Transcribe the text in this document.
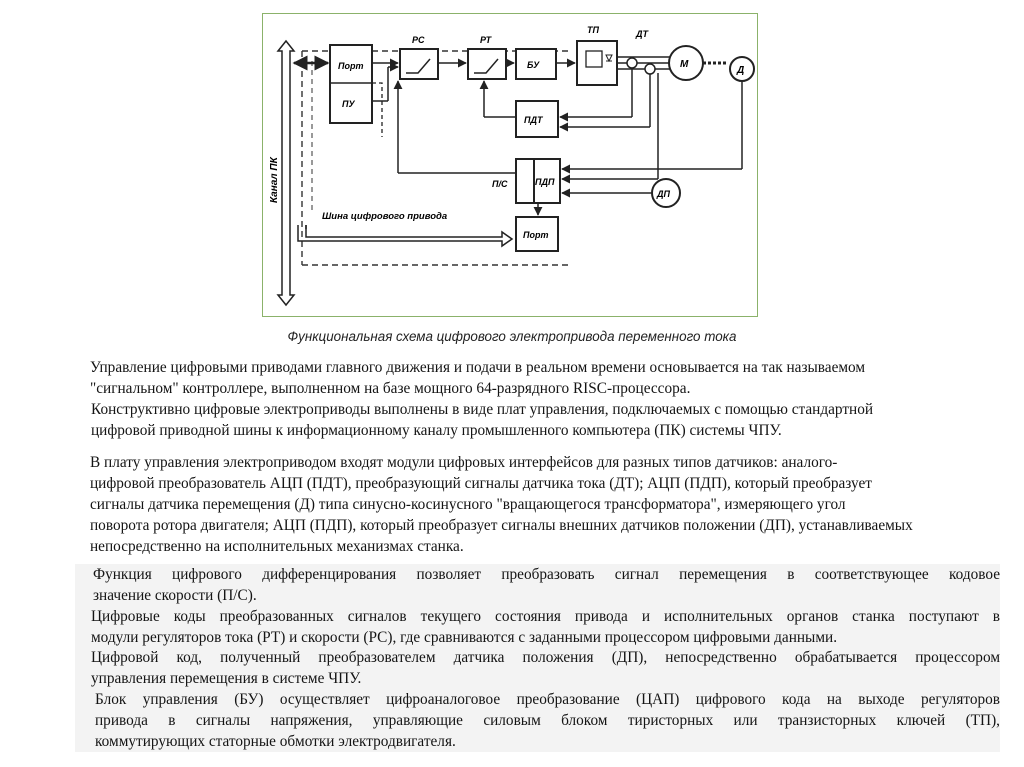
Канал ПК
Порт
ПУ
РС	РТ
БУ
ТП	ДТ
М
Д
ПДТ
П/С	ПДП
ДП
Порт
Шина цифрового привода
Функциональная схема цифрового электропривода переменного тока
Управление цифровыми приводами главного движения и подачи в реальном времени основывается на так называемом
"сигнальном" контроллере, выполненном на базе мощного 64-разрядного RISC-процессора.
Конструктивно цифровые электроприводы выполнены в виде плат управления, подключаемых с помощью стандартной
цифровой приводной шины к информационному каналу промышленного компьютера (ПК) системы ЧПУ.
В плату управления электроприводом входят модули цифровых интерфейсов для разных типов датчиков: аналого-
цифровой преобразователь АЦП (ПДТ), преобразующий сигналы датчика тока (ДТ); АЦП (ПДП), который преобразует
сигналы датчика перемещения (Д) типа синусно-косинусного "вращающегося трансформатора", измеряющего угол
поворота ротора двигателя; АЦП (ПДП), который преобразует сигналы внешних датчиков положении (ДП), устанавливаемых
непосредственно на исполнительных механизмах станка.
Функция цифрового дифференцирования позволяет преобразовать сигнал перемещения в соответствующее кодовое
значение скорости (П/С).
Цифровые коды преобразованных сигналов текущего состояния привода и исполнительных органов станка поступают в
модули регуляторов тока (РТ) и скорости (РС), где сравниваются с заданными процессором цифровыми данными.
Цифровой код, полученный преобразователем датчика положения (ДП), непосредственно обрабатывается процессором
управления перемещения в системе ЧПУ.
Блок управления (БУ) осуществляет цифроаналоговое преобразование (ЦАП) цифрового кода на выходе регуляторов
привода в сигналы напряжения, управляющие силовым блоком тиристорных или транзисторных ключей (ТП),
коммутирующих статорные обмотки электродвигателя.
